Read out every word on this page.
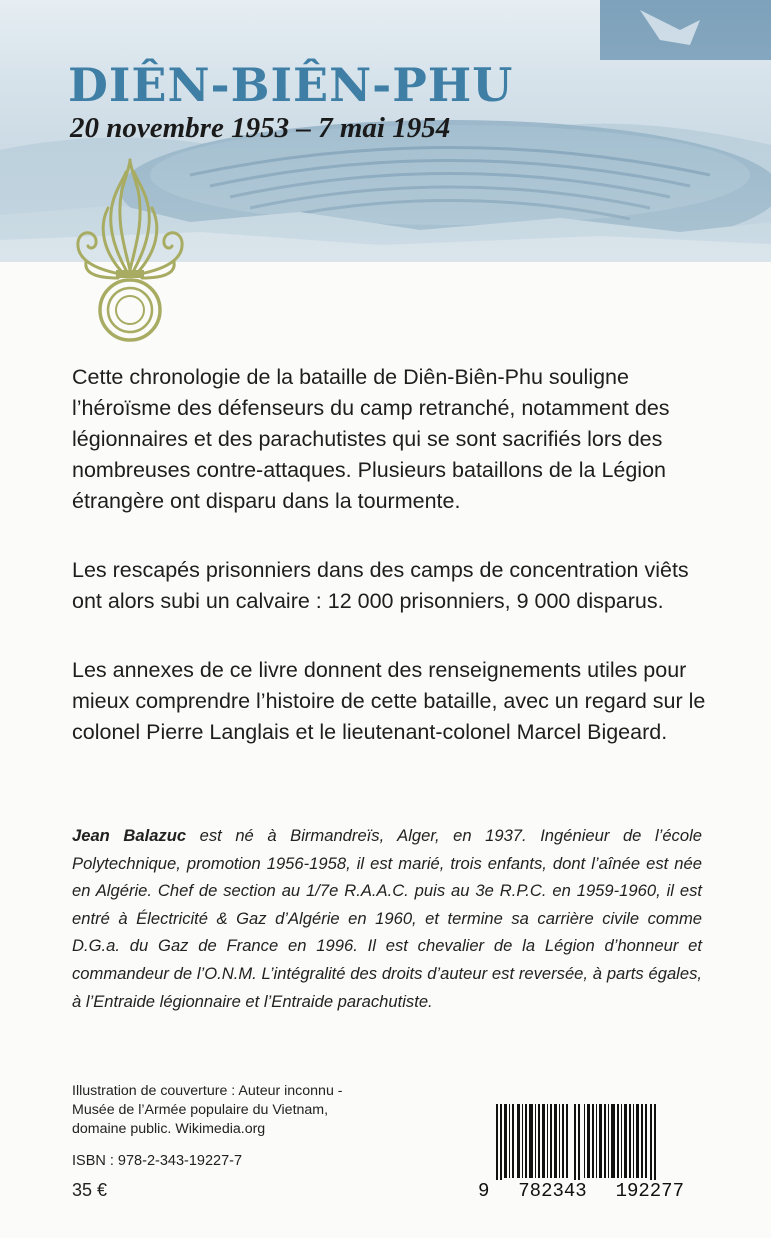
DIÊN-BIÊN-PHU
20 novembre 1953 – 7 mai 1954

Cette chronologie de la bataille de Diên-Biên-Phu souligne l’héroïsme des défenseurs du camp retranché, notamment des légionnaires et des parachutistes qui se sont sacrifiés lors des nombreuses contre-attaques. Plusieurs bataillons de la Légion étrangère ont disparu dans la tourmente.

Les rescapés prisonniers dans des camps de concentration viêts ont alors subi un calvaire : 12 000 prisonniers, 9 000 disparus.

Les annexes de ce livre donnent des renseignements utiles pour mieux comprendre l’histoire de cette bataille, avec un regard sur le colonel Pierre Langlais et le lieutenant-colonel Marcel Bigeard.

Jean Balazuc est né à Birmandreïs, Alger, en 1937. Ingénieur de l’école Polytechnique, promotion 1956-1958, il est marié, trois enfants, dont l’aînée est née en Algérie. Chef de section au 1/7e R.A.A.C. puis au 3e R.P.C. en 1959-1960, il est entré à Électricité & Gaz d’Algérie en 1960, et termine sa carrière civile comme D.G.a. du Gaz de France en 1996. Il est chevalier de la Légion d’honneur et commandeur de l’O.N.M. L’intégralité des droits d’auteur est reversée, à parts égales, à l’Entraide légionnaire et l’Entraide parachutiste.

Illustration de couverture : Auteur inconnu - Musée de l’Armée populaire du Vietnam, domaine public. Wikimedia.org

ISBN : 978-2-343-19227-7

35 €	9 782343 192277
